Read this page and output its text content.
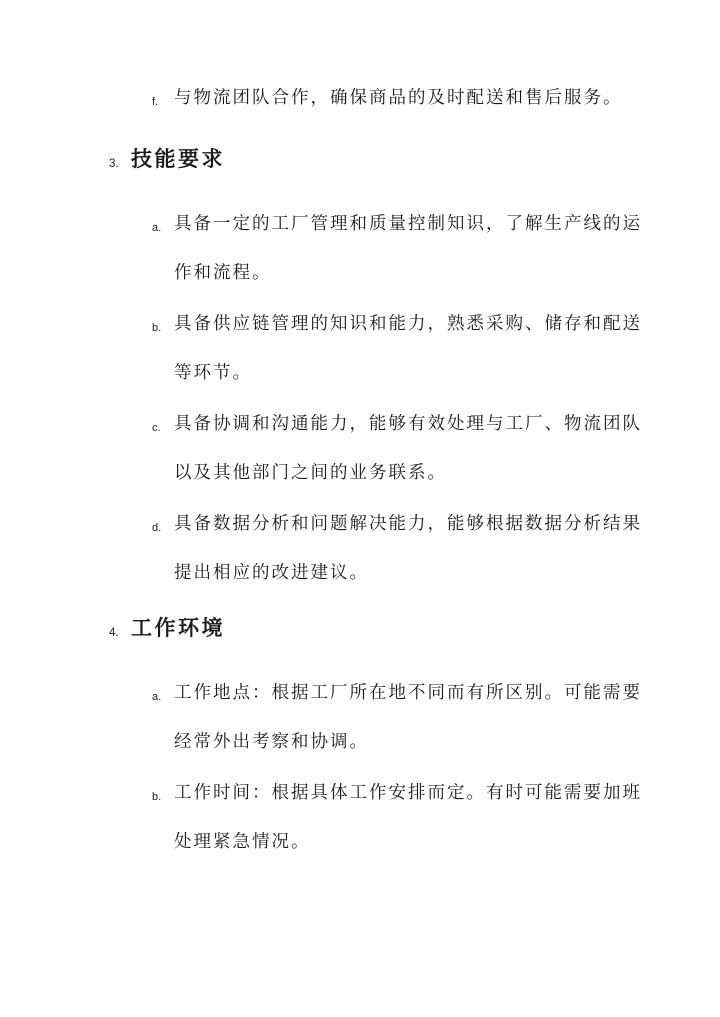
f. 与物流团队合作，确保商品的及时配送和售后服务。
3. 技能要求
a. 具备一定的工厂管理和质量控制知识，了解生产线的运
作和流程。
b. 具备供应链管理的知识和能力，熟悉采购、储存和配送
等环节。
c. 具备协调和沟通能力，能够有效处理与工厂、物流团队
以及其他部门之间的业务联系。
d. 具备数据分析和问题解决能力，能够根据数据分析结果
提出相应的改进建议。
4. 工作环境
a. 工作地点：根据工厂所在地不同而有所区别。可能需要
经常外出考察和协调。
b. 工作时间：根据具体工作安排而定。有时可能需要加班
处理紧急情况。
